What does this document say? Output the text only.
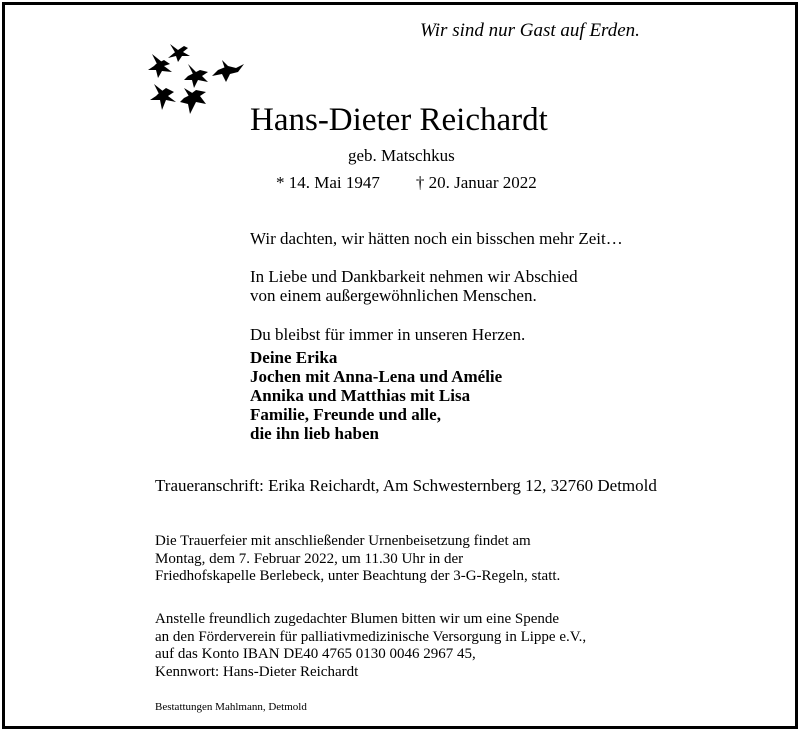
Wir sind nur Gast auf Erden.
Hans-Dieter Reichardt
geb. Matschkus
* 14. Mai 1947 † 20. Januar 2022
Wir dachten, wir hätten noch ein bisschen mehr Zeit…
In Liebe und Dankbarkeit nehmen wir Abschied
von einem außergewöhnlichen Menschen.
Du bleibst für immer in unseren Herzen.
Deine Erika
Jochen mit Anna-Lena und Amélie
Annika und Matthias mit Lisa
Familie, Freunde und alle,
die ihn lieb haben
Traueranschrift: Erika Reichardt, Am Schwesternberg 12, 32760 Detmold
Die Trauerfeier mit anschließender Urnenbeisetzung findet am
Montag, dem 7. Februar 2022, um 11.30 Uhr in der
Friedhofskapelle Berlebeck, unter Beachtung der 3-G-Regeln, statt.
Anstelle freundlich zugedachter Blumen bitten wir um eine Spende
an den Förderverein für palliativmedizinische Versorgung in Lippe e.V.,
auf das Konto IBAN DE40 4765 0130 0046 2967 45,
Kennwort: Hans-Dieter Reichardt
Bestattungen Mahlmann, Detmold
